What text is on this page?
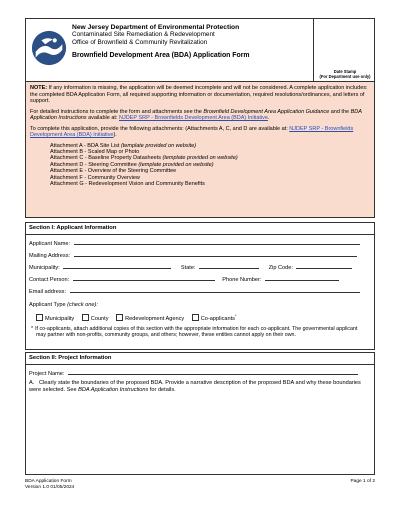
New Jersey Department of Environmental Protection
Contaminated Site Remediation & Redevelopment
Office of Brownfield & Community Revitalization
Brownfield Development Area (BDA) Application Form
Date Stamp
(For Department use only)

NOTE: If any information is missing, the application will be deemed incomplete and will not be considered. A complete application includes: the completed BDA Application Form, all required supporting information or documentation, required resolutions/ordinances, and letters of support.

For detailed instructions to complete the form and attachments see the Brownfield Development Area Application Guidance and the BDA Application Instructions available at: NJDEP SRP - Brownfields Development Area (BDA) Initiative.

To complete this application, provide the following attachments: (Attachments A, C, and D are available at: NJDEP SRP - Brownfields Development Area (BDA) Initiative).

Attachment A - BDA Site List (template provided on website)
Attachment B - Scaled Map or Photo
Attachment C - Baseline Property Datasheets (template provided on website)
Attachment D - Steering Committee (template provided on website)
Attachment E - Overview of the Steering Committee
Attachment F - Community Overview
Attachment G - Redevelopment Vision and Community Benefits
Section I: Applicant Information
Applicant Name:
Mailing Address:
Municipality:	State:	Zip Code:
Contact Person:	Phone Number:
Email address:
Applicant Type (check one):
Municipality	County	Redevelopment Agency	Co-applicants*
* If co-applicants, attach additional copies of this section with the appropriate information for each co-applicant. The governmental applicant may partner with non-profits, community groups, and others; however, these entities cannot apply on their own.
Section II: Project Information
Project Name:
A. Clearly state the boundaries of the proposed BDA. Provide a narrative description of the proposed BDA and why these boundaries were selected. See BDA Application Instructions for details.
BDA Application Form
Version 1.0 01/05/2024
Page 1 of 2
